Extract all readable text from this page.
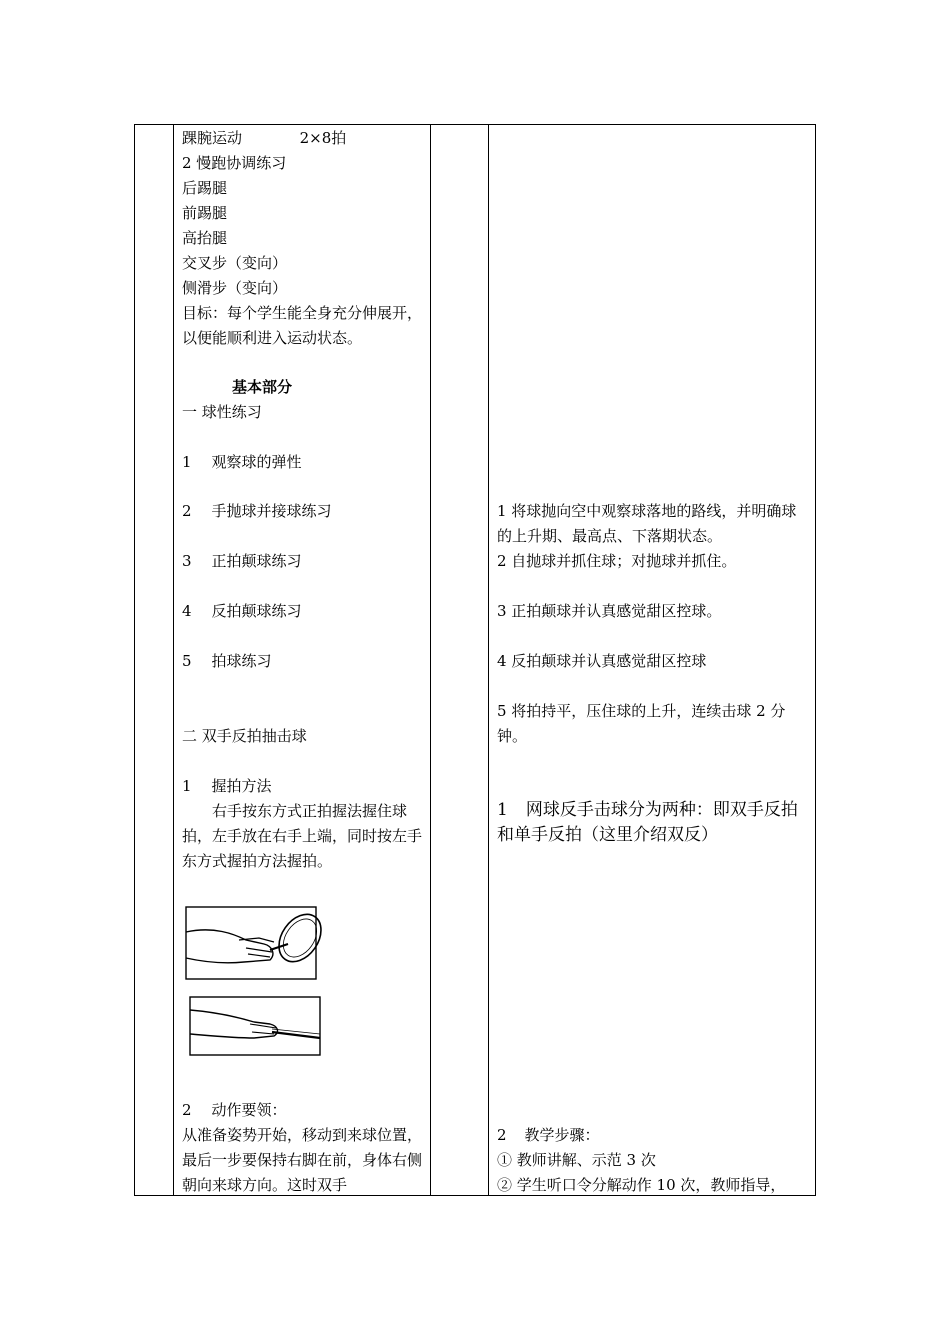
踝腕运动	2×8拍
2 慢跑协调练习
后踢腿
前踢腿
高抬腿
交叉步（变向）
侧滑步（变向）
目标：每个学生能全身充分伸展开，以便能顺利进入运动状态。
基本部分
一 球性练习
1 观察球的弹性
2 手抛球并接球练习
3 正拍颠球练习
4 反拍颠球练习
5 拍球练习
二 双手反拍抽击球
1 握拍方法
右手按东方式正拍握法握住球拍，左手放在右手上端，同时按左手东方式握拍方法握拍。
2 动作要领：
从准备姿势开始，移动到来球位置，最后一步要保持右脚在前，身体右侧朝向来球方向。这时双手
1 将球抛向空中观察球落地的路线，并明确球的上升期、最高点、下落期状态。
2 自抛球并抓住球；对抛球并抓住。
3 正拍颠球并认真感觉甜区控球。
4 反拍颠球并认真感觉甜区控球
5 将拍持平，压住球的上升，连续击球 2 分钟。
1 网球反手击球分为两种：即双手反拍和单手反拍（这里介绍双反）
2 教学步骤：
① 教师讲解、示范 3 次
② 学生听口令分解动作 10 次，教师指导，
